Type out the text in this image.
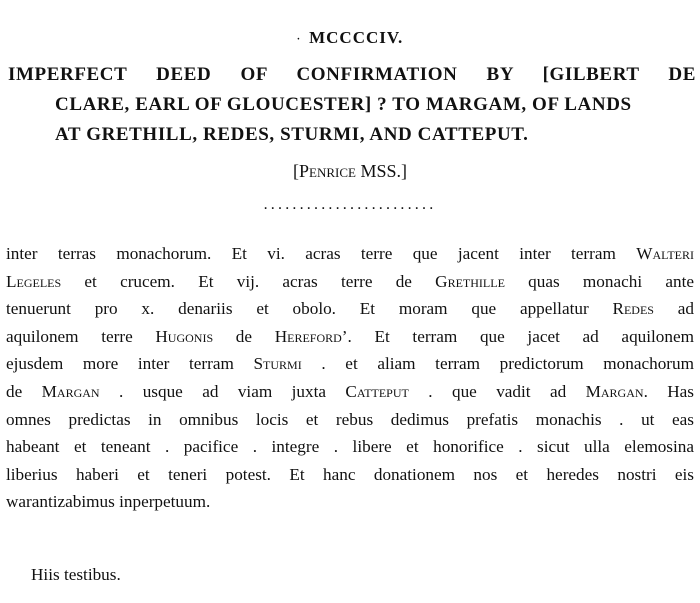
· MCCCCIV.
IMPERFECT DEED OF CONFIRMATION BY [GILBERT DE
CLARE, EARL OF GLOUCESTER] ? TO MARGAM, OF LANDS
AT GRETHILL, REDES, STURMI, AND CATTEPUT.
[Penrice MSS.]
........................
inter terras monachorum. Et vi. acras terre que jacent inter terram Walteri
Legeles et crucem. Et vij. acras terre de Grethille quas monachi ante
tenuerunt pro x. denariis et obolo. Et moram que appellatur Redes ad
aquilonem terre Hugonis de Hereford’. Et terram que jacet ad aquilonem
ejusdem more inter terram Sturmi . et aliam terram predictorum monachorum
de Margan . usque ad viam juxta Catteput . que vadit ad Margan. Has
omnes predictas in omnibus locis et rebus dedimus prefatis monachis . ut eas
habeant et teneant . pacifice . integre . libere et honorifice . sicut ulla elemosina
liberius haberi et teneri potest. Et hanc donationem nos et heredes nostri eis
warantizabimus inperpetuum.
Hiis testibus.
